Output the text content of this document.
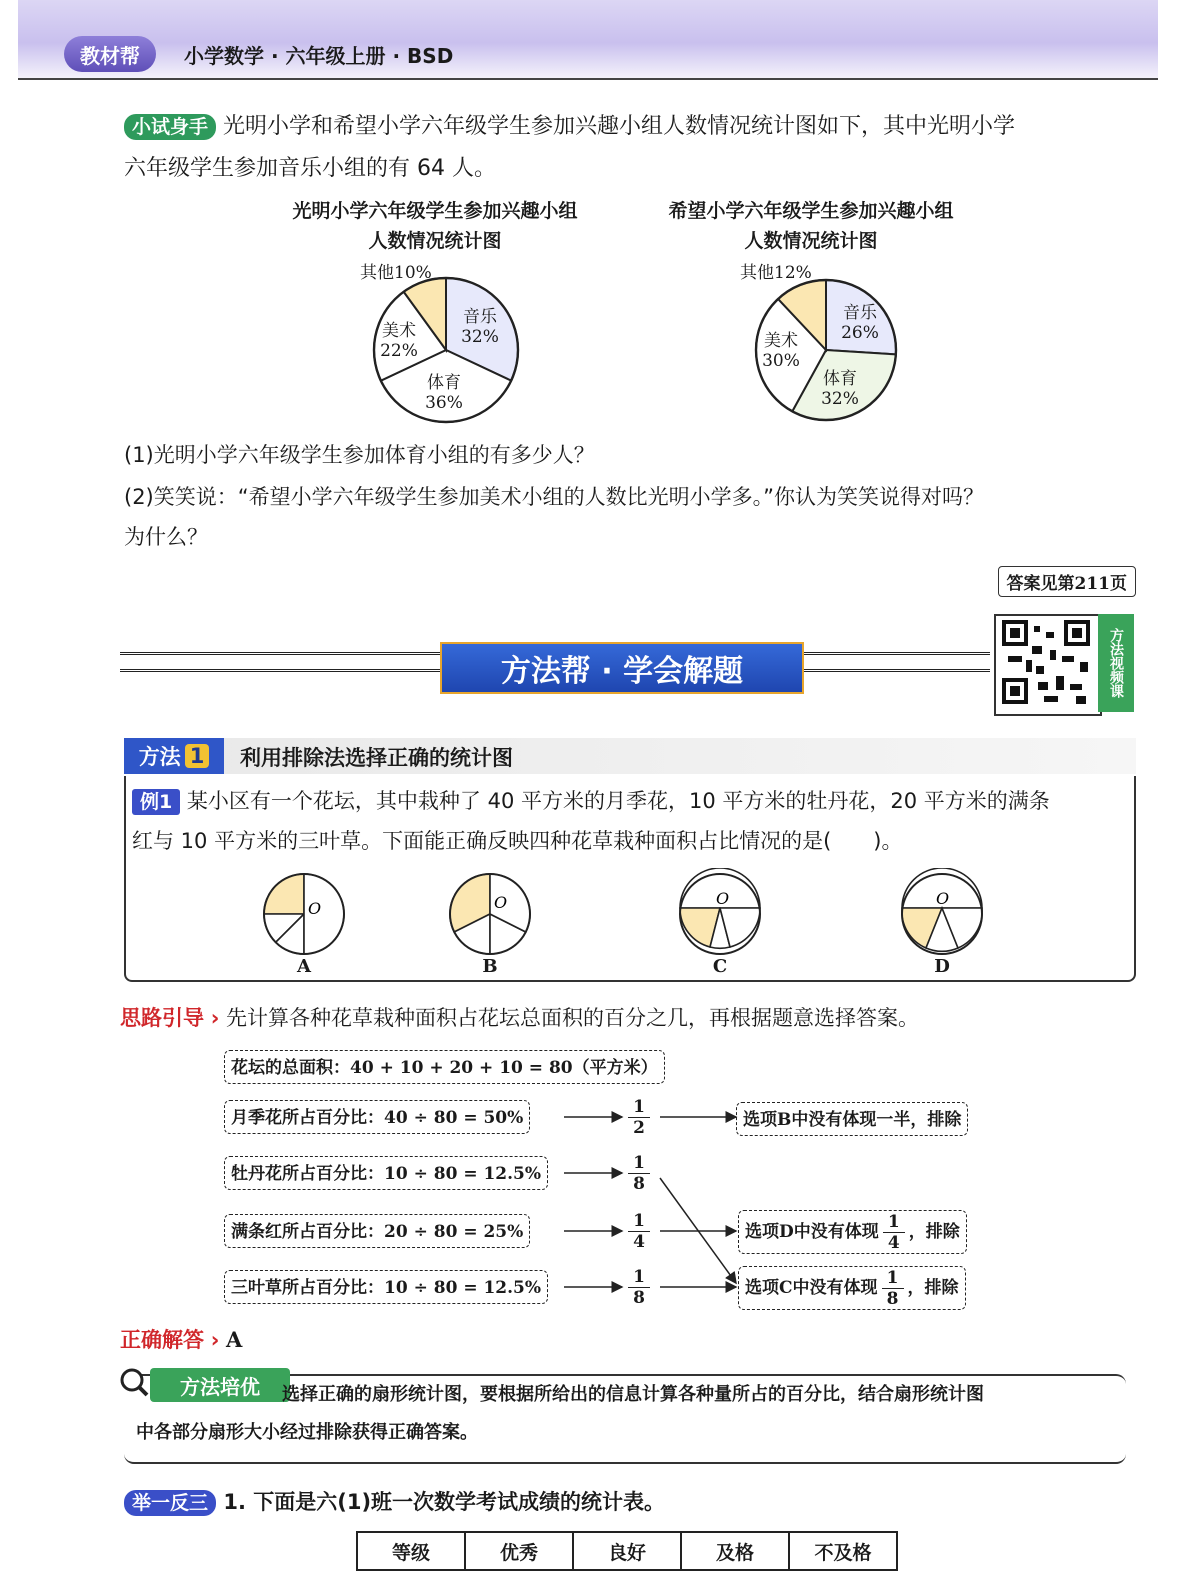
教材帮	小学数学 · 六年级上册 · BSD
小试身手 光明小学和希望小学六年级学生参加兴趣小组人数情况统计图如下，其中光明小学
六年级学生参加音乐小组的有 64 人。
光明小学六年级学生参加兴趣小组
人数情况统计图
希望小学六年级学生参加兴趣小组
人数情况统计图
其他10%
音乐
32%
体育
36%
美术
22%
其他12%
音乐
26%
体育
32%
美术
30%
(1)光明小学六年级学生参加体育小组的有多少人？
(2)笑笑说：“希望小学六年级学生参加美术小组的人数比光明小学多。”你认为笑笑说得对吗？
为什么？
答案见第211页
方法帮 · 学会解题	方法视频课
方法 1 利用排除法选择正确的统计图
例1 某小区有一个花坛，其中栽种了 40 平方米的月季花，10 平方米的牡丹花，20 平方米的满条
红与 10 平方米的三叶草。下面能正确反映四种花草栽种面积占比情况的是(　　)。
O	O	O	O
A	B	C	D
思路引导 › 先计算各种花草栽种面积占花坛总面积的百分之几，再根据题意选择答案。
花坛的总面积：40 + 10 + 20 + 10 = 80（平方米）
月季花所占百分比：40 ÷ 80 = 50%
牡丹花所占百分比：10 ÷ 80 = 12.5%
满条红所占百分比：20 ÷ 80 = 25%
三叶草所占百分比：10 ÷ 80 = 12.5%
1
2
1
8
1
4
1
8
选项B中没有体现一半，排除
选项D中没有体现 $\frac{1}{4}$ ，排除
选项C中没有体现 $\frac{1}{8}$ ，排除
正确解答 › A
方法培优	选择正确的扇形统计图，要根据所给出的信息计算各种量所占的百分比，结合扇形统计图
中各部分扇形大小经过排除获得正确答案。
举一反三 1. 下面是六(1)班一次数学考试成绩的统计表。
等级	优秀	良好	及格	不及格
